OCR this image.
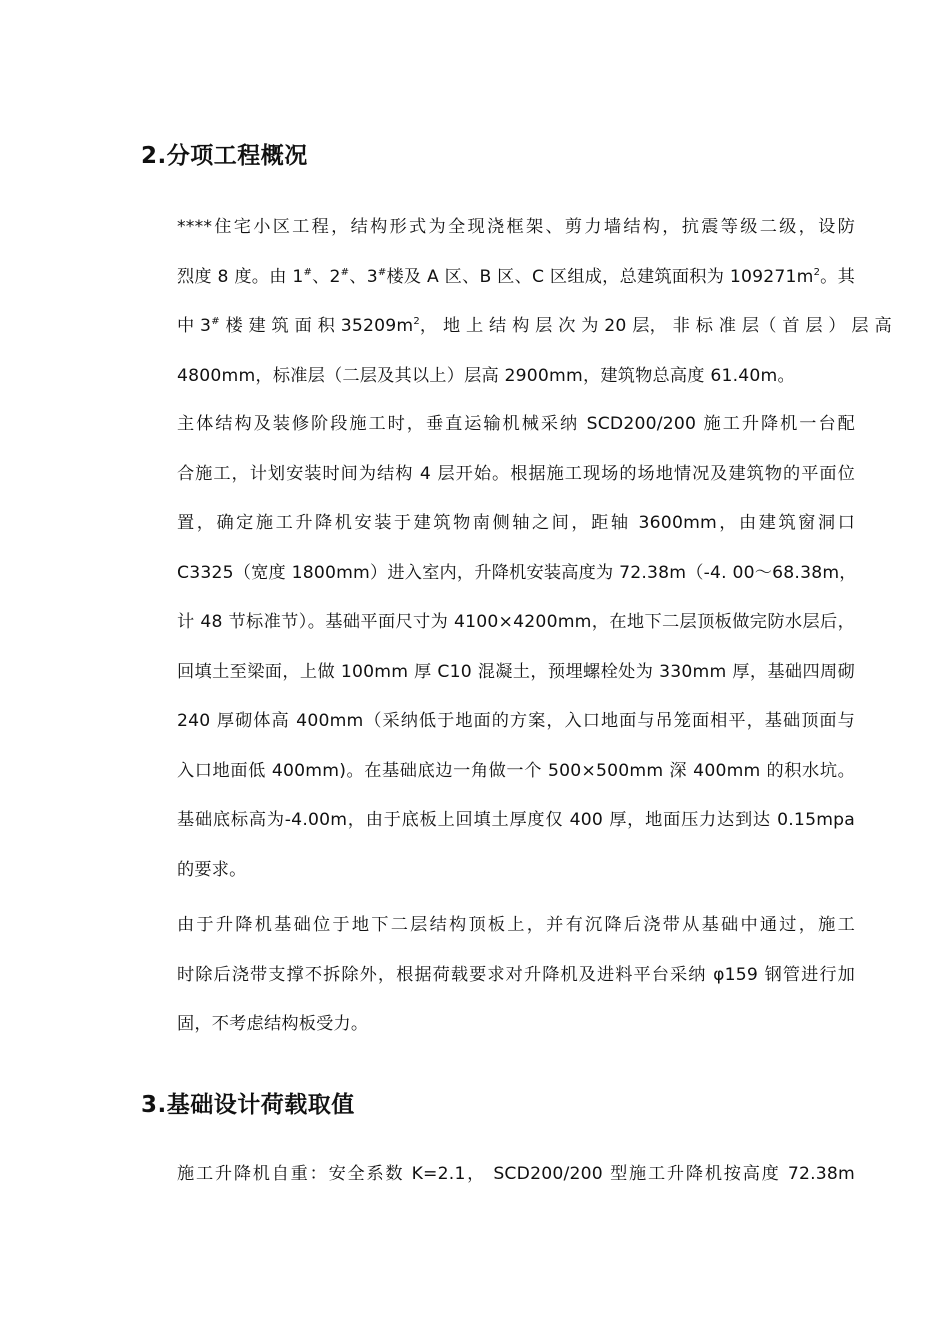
2.分项工程概况
****住宅小区工程，结构形式为全现浇框架、剪力墙结构，抗震等级二级，设防
烈度 8 度。由 1#、2#、3#楼及 A 区、B 区、C 区组成，总建筑面积为 $109271m^2$。其
中 3# 楼 建 筑 面 积 $35209m^2$， 地 上 结 构 层 次 为 20 层， 非 标 准 层（ 首 层 ） 层 高
4800mm，标准层（二层及其以上）层高 2900mm，建筑物总高度 61.40m。
主体结构及装修阶段施工时，垂直运输机械采纳 SCD200/200 施工升降机一台配
合施工，计划安装时间为结构 4 层开始。根据施工现场的场地情况及建筑物的平面位
置，确定施工升降机安装于建筑物南侧轴之间，距轴 3600mm，由建筑窗洞口
C3325（宽度 1800mm）进入室内，升降机安装高度为 72.38m（-4. 00～68.38m，
计 48 节标准节）。基础平面尺寸为 4100×4200mm，在地下二层顶板做完防水层后，
回填土至梁面，上做 100mm 厚 C10 混凝土，预埋螺栓处为 330mm 厚，基础四周砌
240 厚砌体高 400mm（采纳低于地面的方案，入口地面与吊笼面相平，基础顶面与
入口地面低 400mm)。在基础底边一角做一个 500×500mm 深 400mm 的积水坑。
基础底标高为-4.00m，由于底板上回填土厚度仅 400 厚，地面压力达到达 0.15mpa
的要求。
由于升降机基础位于地下二层结构顶板上，并有沉降后浇带从基础中通过，施工
时除后浇带支撑不拆除外，根据荷载要求对升降机及进料平台采纳 φ159 钢管进行加
固，不考虑结构板受力。
3.基础设计荷载取值
施工升降机自重：安全系数 K=2.1， SCD200/200 型施工升降机按高度 72.38m
